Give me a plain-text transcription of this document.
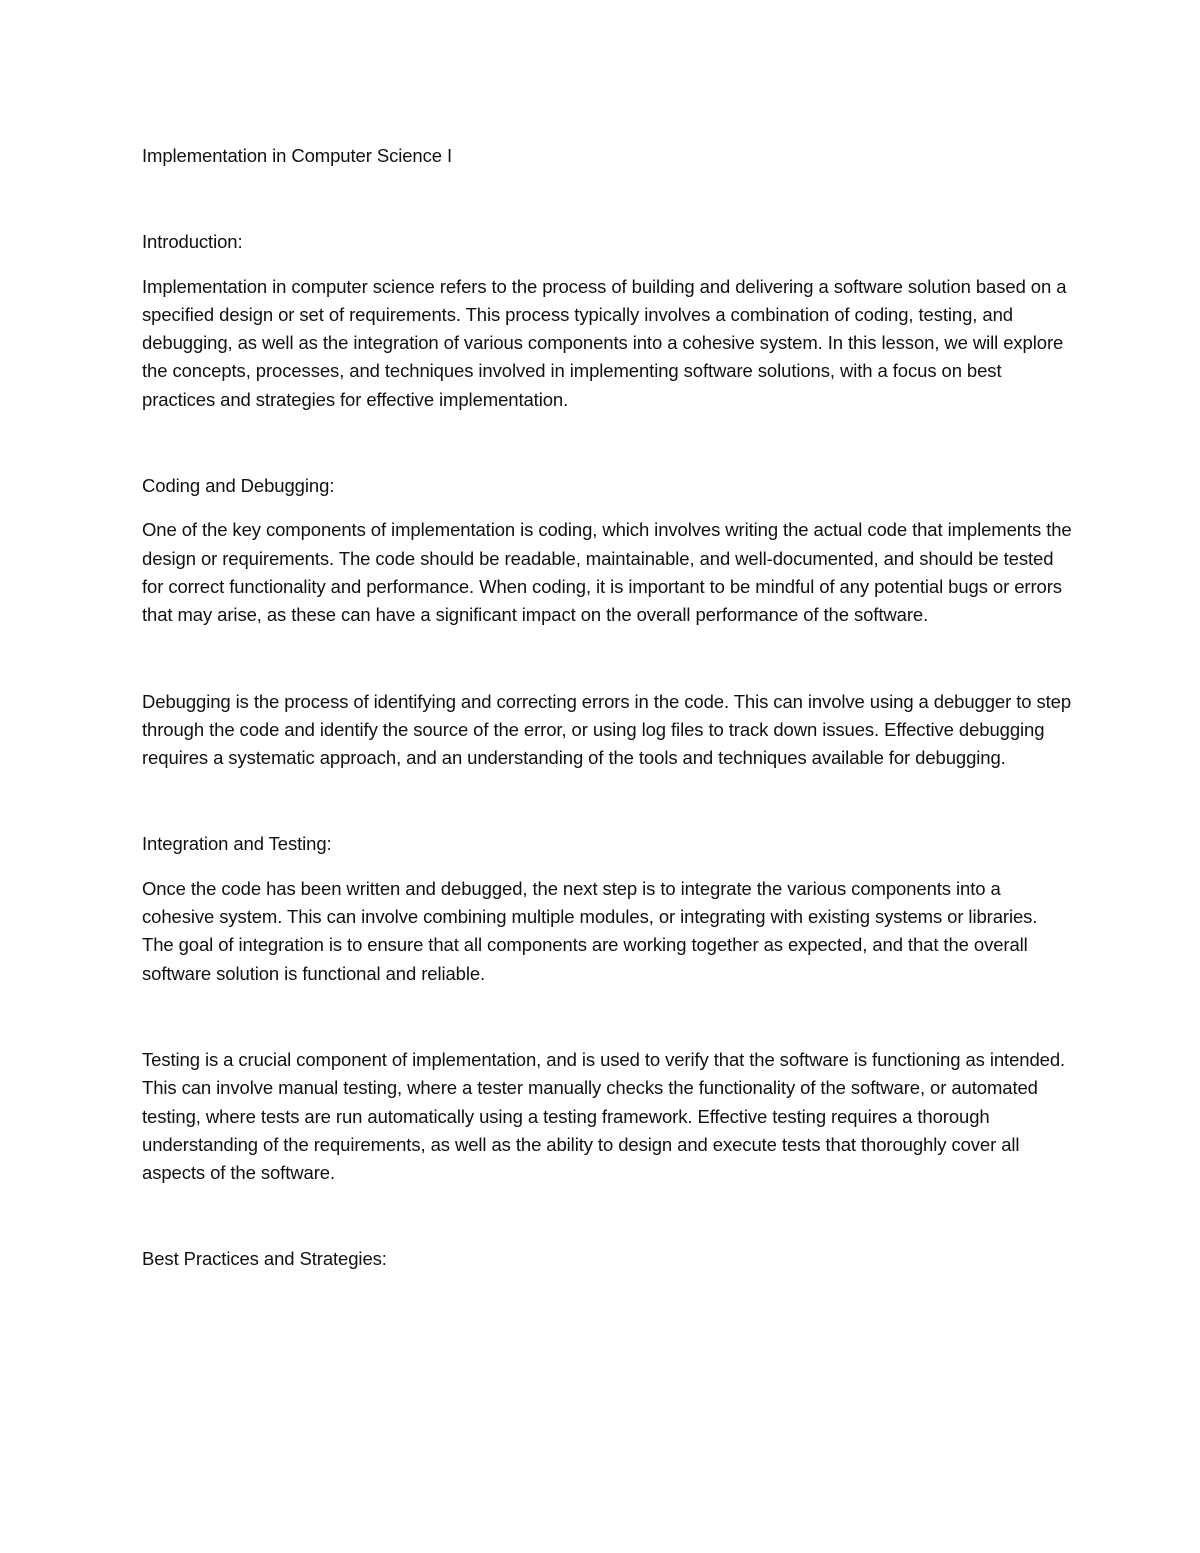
Implementation in Computer Science I
Introduction:

Implementation in computer science refers to the process of building and delivering a software solution based on a specified design or set of requirements. This process typically involves a combination of coding, testing, and debugging, as well as the integration of various components into a cohesive system. In this lesson, we will explore the concepts, processes, and techniques involved in implementing software solutions, with a focus on best practices and strategies for effective implementation.

Coding and Debugging:

One of the key components of implementation is coding, which involves writing the actual code that implements the design or requirements. The code should be readable, maintainable, and well-documented, and should be tested for correct functionality and performance. When coding, it is important to be mindful of any potential bugs or errors that may arise, as these can have a significant impact on the overall performance of the software.

Debugging is the process of identifying and correcting errors in the code. This can involve using a debugger to step through the code and identify the source of the error, or using log files to track down issues. Effective debugging requires a systematic approach, and an understanding of the tools and techniques available for debugging.

Integration and Testing:

Once the code has been written and debugged, the next step is to integrate the various components into a cohesive system. This can involve combining multiple modules, or integrating with existing systems or libraries. The goal of integration is to ensure that all components are working together as expected, and that the overall software solution is functional and reliable.

Testing is a crucial component of implementation, and is used to verify that the software is functioning as intended. This can involve manual testing, where a tester manually checks the functionality of the software, or automated testing, where tests are run automatically using a testing framework. Effective testing requires a thorough understanding of the requirements, as well as the ability to design and execute tests that thoroughly cover all aspects of the software.

Best Practices and Strategies:
